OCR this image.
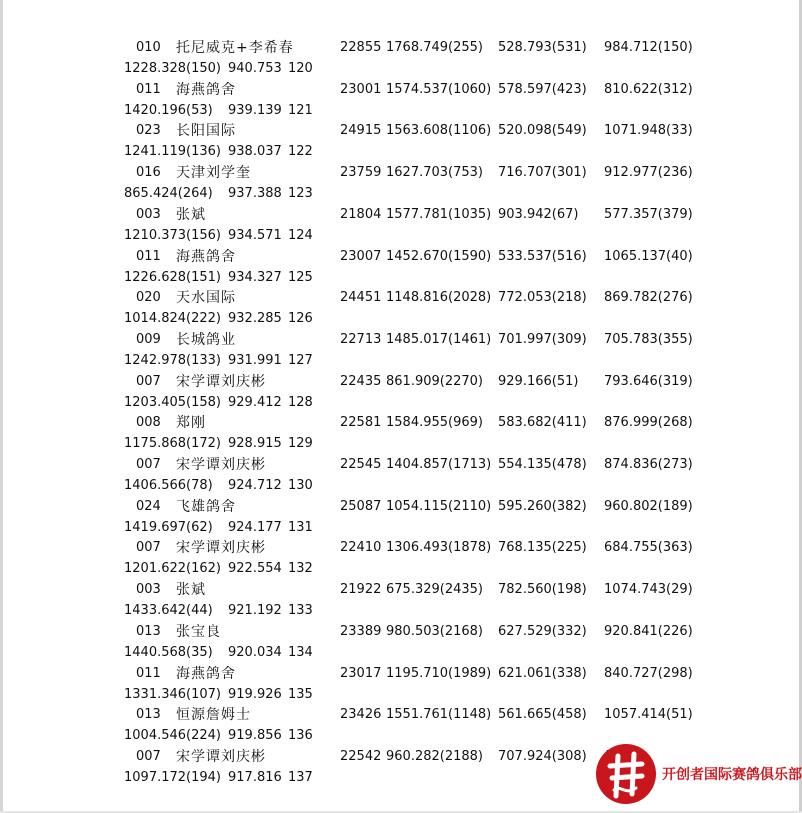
010 托尼威克+李希春	22855 1768.749(255) 528.793(531) 984.712(150)
1228.328(150) 940.753 120
011 海燕鸽舍	23001 1574.537(1060) 578.597(423) 810.622(312)
1420.196(53) 939.139 121
023 长阳国际	24915 1563.608(1106) 520.098(549) 1071.948(33)
1241.119(136) 938.037 122
016 天津刘学奎	23759 1627.703(753) 716.707(301) 912.977(236)
865.424(264) 937.388 123
003 张斌	21804 1577.781(1035) 903.942(67) 577.357(379)
1210.373(156) 934.571 124
011 海燕鸽舍	23007 1452.670(1590) 533.537(516) 1065.137(40)
1226.628(151) 934.327 125
020 天水国际	24451 1148.816(2028) 772.053(218) 869.782(276)
1014.824(222) 932.285 126
009 长城鸽业	22713 1485.017(1461) 701.997(309) 705.783(355)
1242.978(133) 931.991 127
007 宋学谭刘庆彬	22435 861.909(2270) 929.166(51) 793.646(319)
1203.405(158) 929.412 128
008 郑刚	22581 1584.955(969) 583.682(411) 876.999(268)
1175.868(172) 928.915 129
007 宋学谭刘庆彬	22545 1404.857(1713) 554.135(478) 874.836(273)
1406.566(78) 924.712 130
024 飞雄鸽舍	25087 1054.115(2110) 595.260(382) 960.802(189)
1419.697(62) 924.177 131
007 宋学谭刘庆彬	22410 1306.493(1878) 768.135(225) 684.755(363)
1201.622(162) 922.554 132
003 张斌	21922 675.329(2435) 782.560(198) 1074.743(29)
1433.642(44) 921.192 133
013 张宝良	23389 980.503(2168) 627.529(332) 920.841(226)
1440.568(35) 920.034 134
011 海燕鸽舍	23017 1195.710(1989) 621.061(338) 840.727(298)
1331.346(107) 919.926 135
013 恒源詹姆士	23426 1551.761(1148) 561.665(458) 1057.414(51)
1004.546(224) 919.856 136
007 宋学谭刘庆彬	22542 960.282(2188) 707.924(308)
1097.172(194) 917.816 137	开创者国际赛鸽俱乐部
